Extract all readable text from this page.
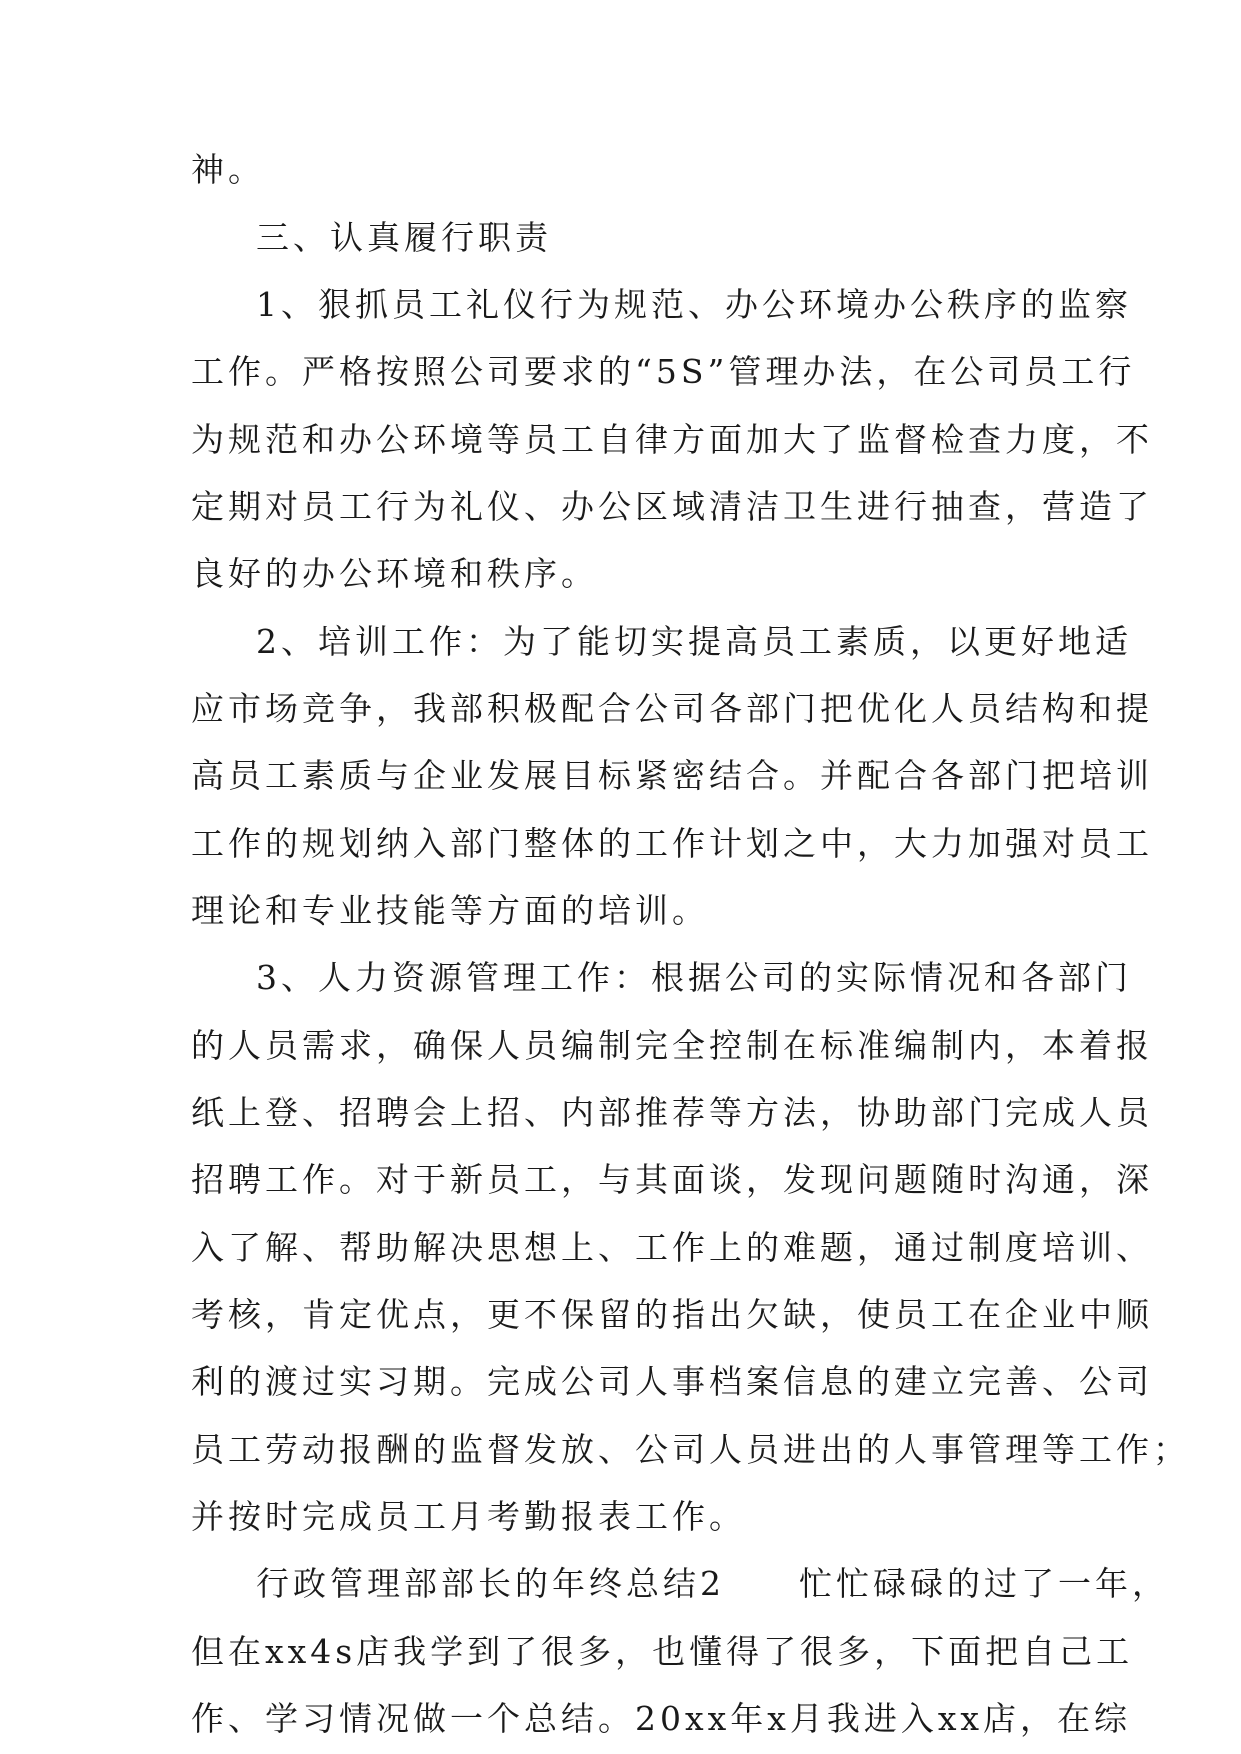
神。
三、认真履行职责
1、狠抓员工礼仪行为规范、办公环境办公秩序的监察
工作。严格按照公司要求的“5S”管理办法，在公司员工行
为规范和办公环境等员工自律方面加大了监督检查力度，不
定期对员工行为礼仪、办公区域清洁卫生进行抽查，营造了
良好的办公环境和秩序。
2、培训工作：为了能切实提高员工素质，以更好地适
应市场竞争，我部积极配合公司各部门把优化人员结构和提
高员工素质与企业发展目标紧密结合。并配合各部门把培训
工作的规划纳入部门整体的工作计划之中，大力加强对员工
理论和专业技能等方面的培训。
3、人力资源管理工作：根据公司的实际情况和各部门
的人员需求，确保人员编制完全控制在标准编制内，本着报
纸上登、招聘会上招、内部推荐等方法，协助部门完成人员
招聘工作。对于新员工，与其面谈，发现问题随时沟通，深
入了解、帮助解决思想上、工作上的难题，通过制度培训、
考核，肯定优点，更不保留的指出欠缺，使员工在企业中顺
利的渡过实习期。完成公司人事档案信息的建立完善、公司
员工劳动报酬的监督发放、公司人员进出的人事管理等工作；
并按时完成员工月考勤报表工作。
行政管理部部长的年终总结2　　忙忙碌碌的过了一年，
但在xx4s店我学到了很多，也懂得了很多，下面把自己工
作、学习情况做一个总结。20xx年x月我进入xx店，在综
